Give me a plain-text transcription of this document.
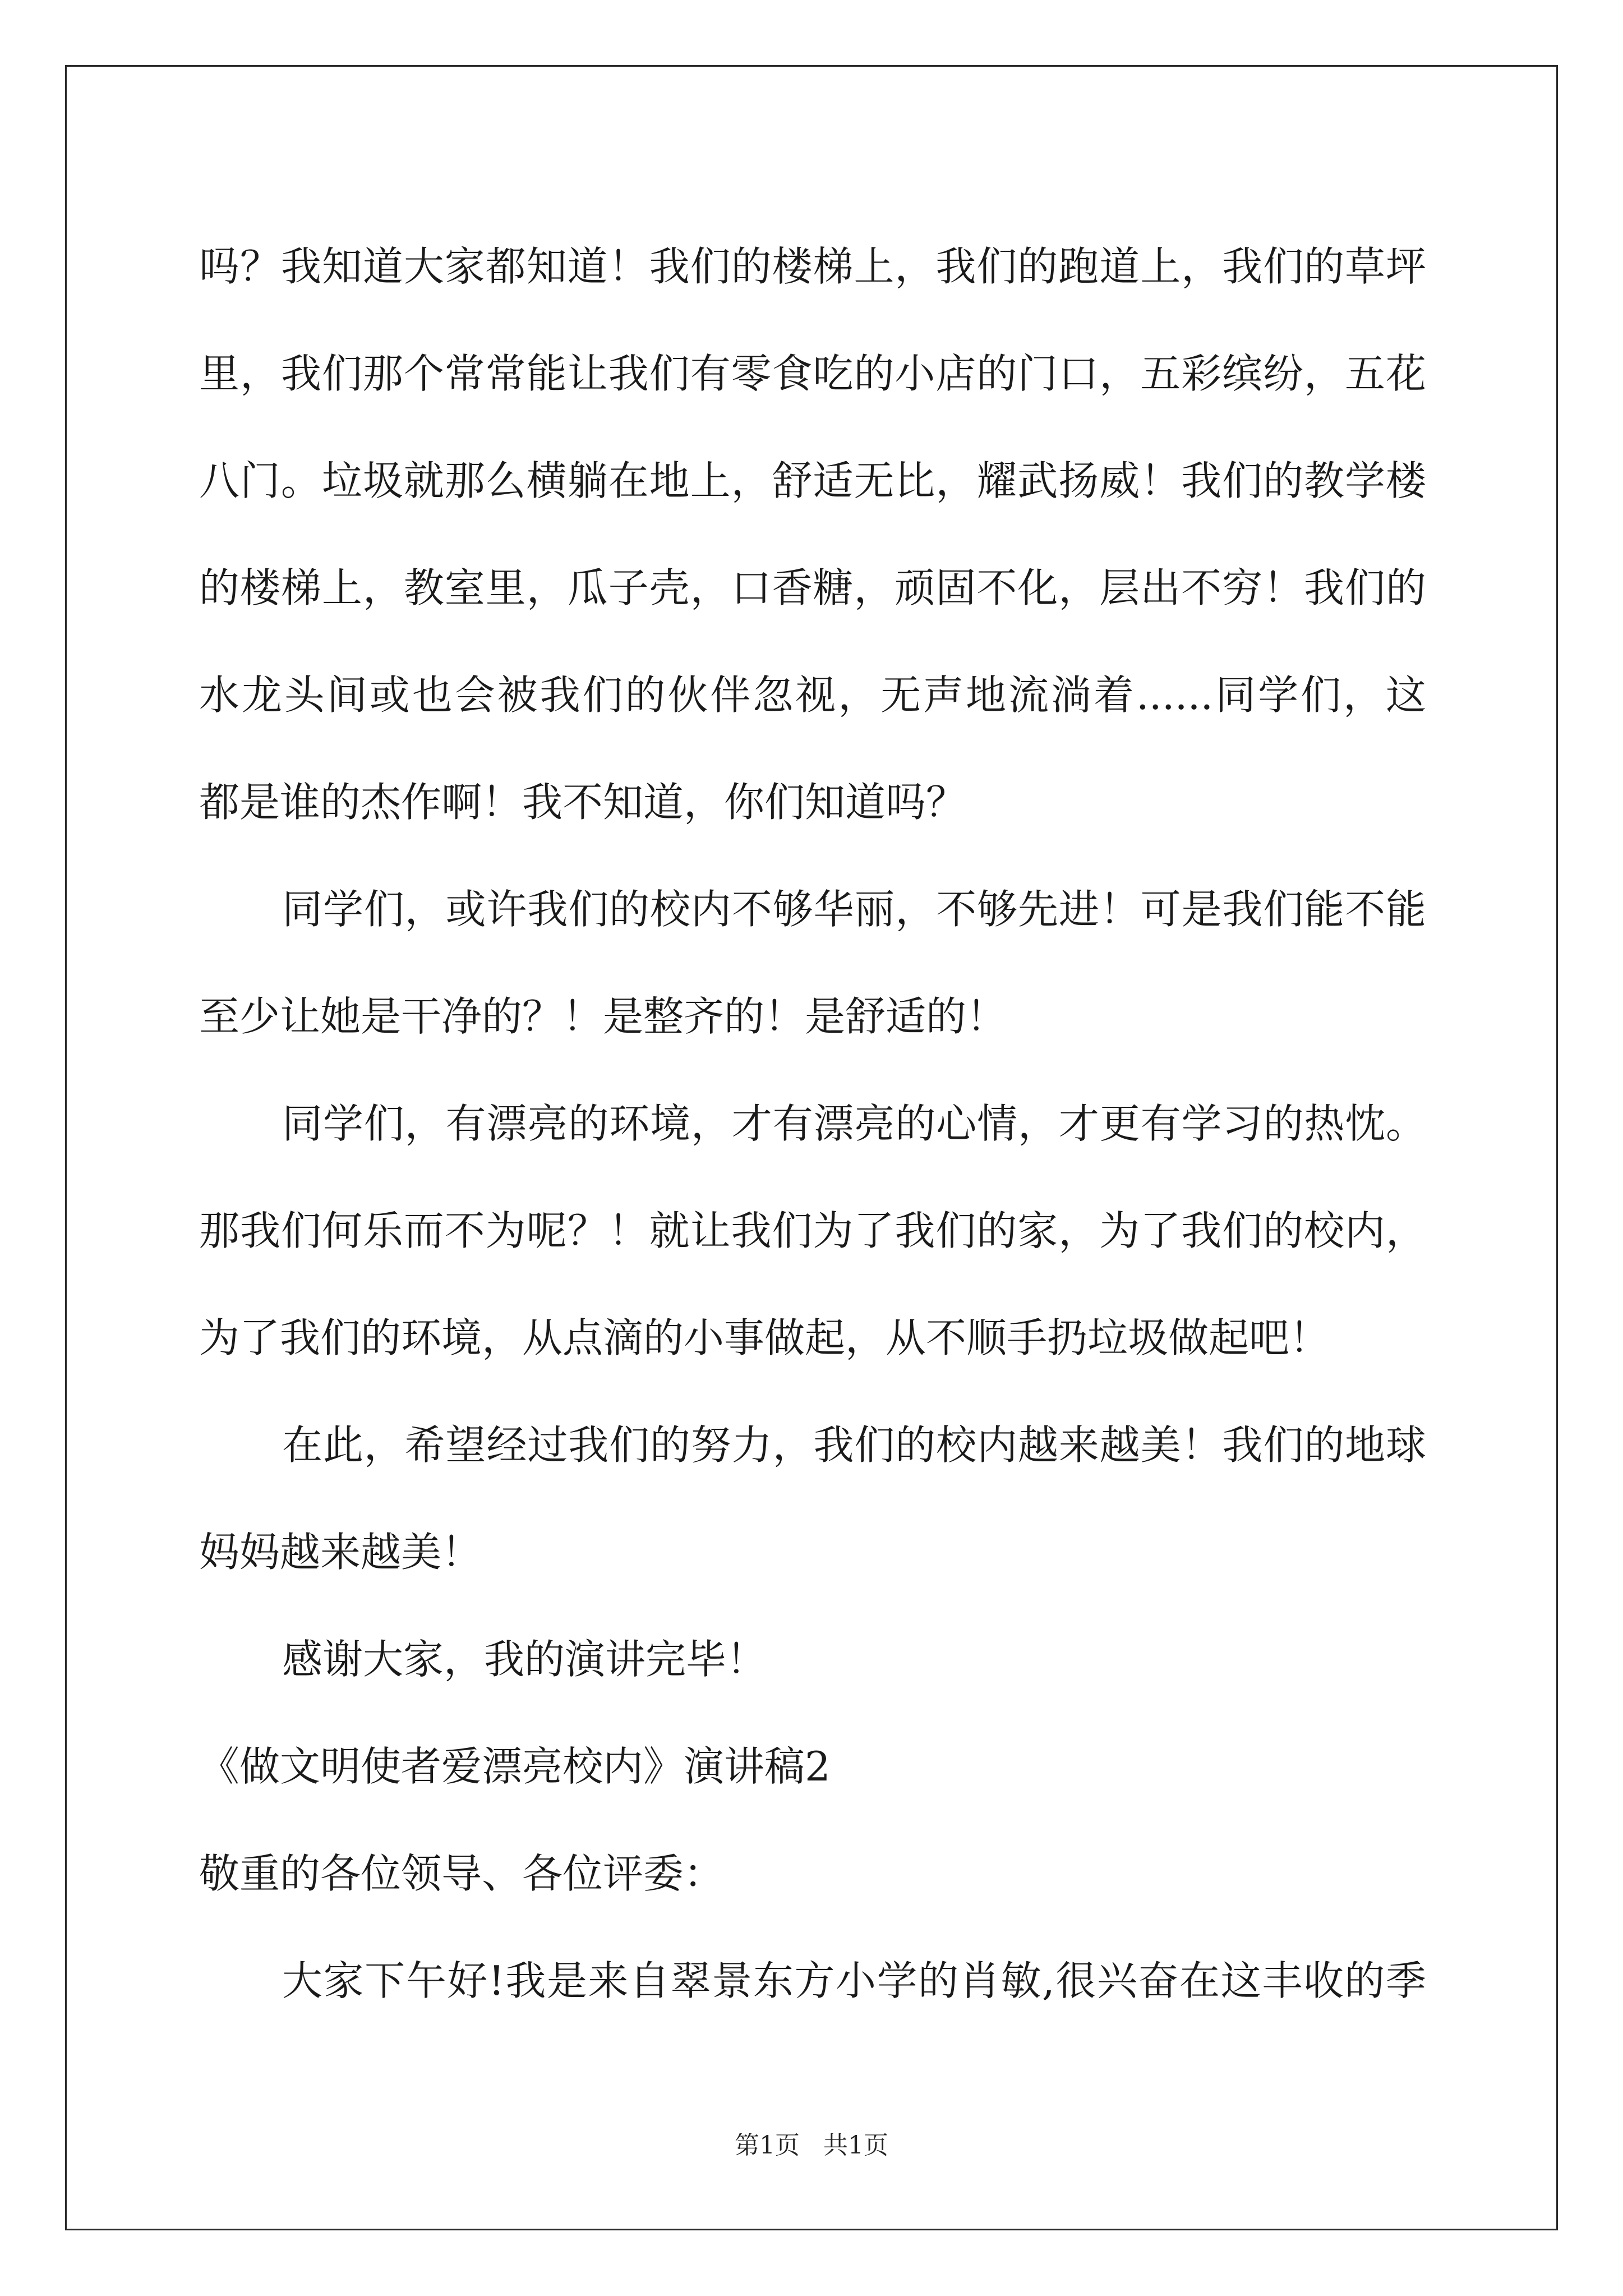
吗？我知道大家都知道！我们的楼梯上，我们的跑道上，我们的草坪

里，我们那个常常能让我们有零食吃的小店的门口，五彩缤纷，五花

八门。垃圾就那么横躺在地上，舒适无比，耀武扬威！我们的教学楼

的楼梯上，教室里，瓜子壳，口香糖，顽固不化，层出不穷！我们的

水龙头间或也会被我们的伙伴忽视，无声地流淌着......同学们，这

都是谁的杰作啊！我不知道，你们知道吗？

同学们，或许我们的校内不够华丽，不够先进！可是我们能不能

至少让她是干净的？！是整齐的！是舒适的！

同学们，有漂亮的环境，才有漂亮的心情，才更有学习的热忱。

那我们何乐而不为呢？！就让我们为了我们的家，为了我们的校内，

为了我们的环境，从点滴的小事做起，从不顺手扔垃圾做起吧！

在此，希望经过我们的努力，我们的校内越来越美！我们的地球

妈妈越来越美！

感谢大家，我的演讲完毕！

《做文明使者爱漂亮校内》演讲稿2

敬重的各位领导、各位评委：

大家下午好!我是来自翠景东方小学的肖敏,很兴奋在这丰收的季

第1页   共1页
